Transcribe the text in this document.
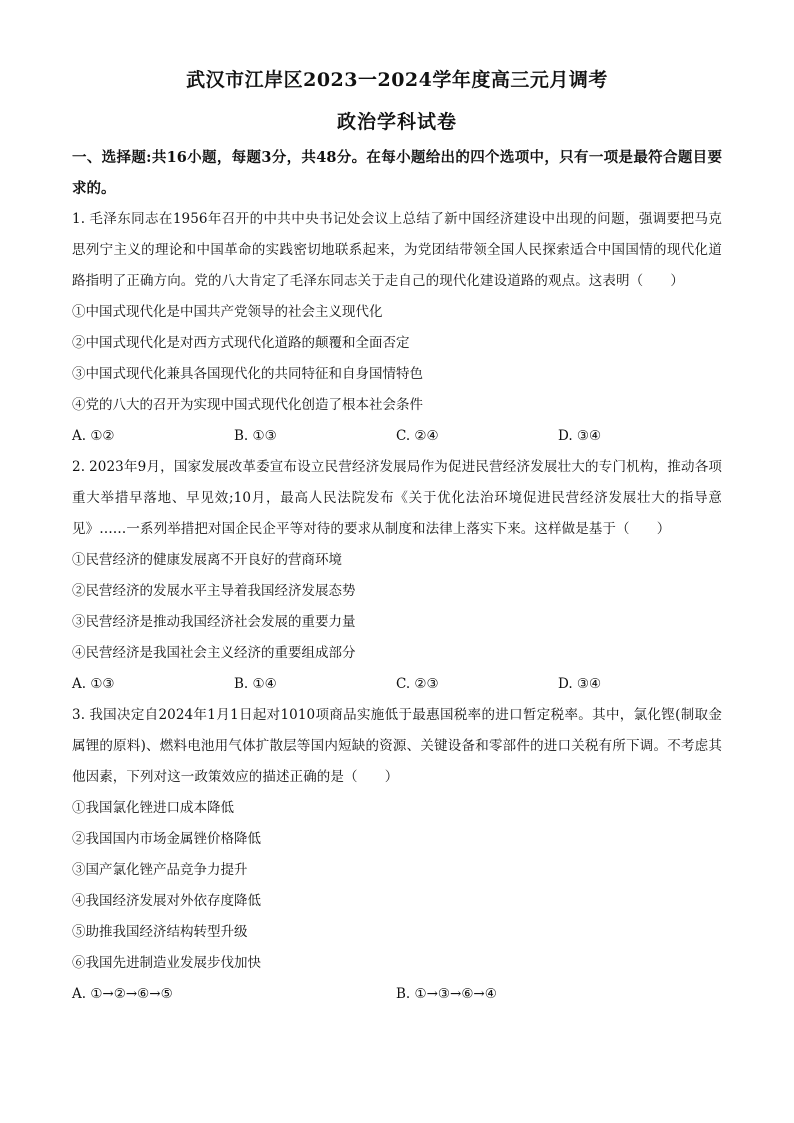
武汉市江岸区2023一2024学年度高三元月调考
政治学科试卷

一、选择题:共16小题，每题3分，共48分。在每小题给出的四个选项中，只有一项是最符合题目要求的。

1. 毛泽东同志在1956年召开的中共中央书记处会议上总结了新中国经济建设中出现的问题，强调要把马克思列宁主义的理论和中国革命的实践密切地联系起来，为党团结带领全国人民探索适合中国国情的现代化道路指明了正确方向。党的八大肯定了毛泽东同志关于走自己的现代化建设道路的观点。这表明（　　）

①中国式现代化是中国共产党领导的社会主义现代化

②中国式现代化是对西方式现代化道路的颠覆和全面否定

③中国式现代化兼具各国现代化的共同特征和自身国情特色

④党的八大的召开为实现中国式现代化创造了根本社会条件

A. ①②	B. ①③	C. ②④	D. ③④

2. 2023年9月，国家发展改革委宣布设立民营经济发展局作为促进民营经济发展壮大的专门机构，推动各项重大举措早落地、早见效;10月，最高人民法院发布《关于优化法治环境促进民营经济发展壮大的指导意见》……一系列举措把对国企民企平等对待的要求从制度和法律上落实下来。这样做是基于（　　）

①民营经济的健康发展离不开良好的营商环境

②民营经济的发展水平主导着我国经济发展态势

③民营经济是推动我国经济社会发展的重要力量

④民营经济是我国社会主义经济的重要组成部分

A. ①③	B. ①④	C. ②③	D. ③④

3. 我国决定自2024年1月1日起对1010项商品实施低于最惠国税率的进口暂定税率。其中，氯化铿(制取金属锂的原料)、燃料电池用气体扩散层等国内短缺的资源、关键设备和零部件的进口关税有所下调。不考虑其他因素，下列对这一政策效应的描述正确的是（　　）

①我国氯化锉进口成本降低

②我国国内市场金属锉价格降低

③国产氯化锉产品竞争力提升

④我国经济发展对外依存度降低

⑤助推我国经济结构转型升级

⑥我国先进制造业发展步伐加快

A. ①→②→⑥→⑤	B. ①→③→⑥→④
